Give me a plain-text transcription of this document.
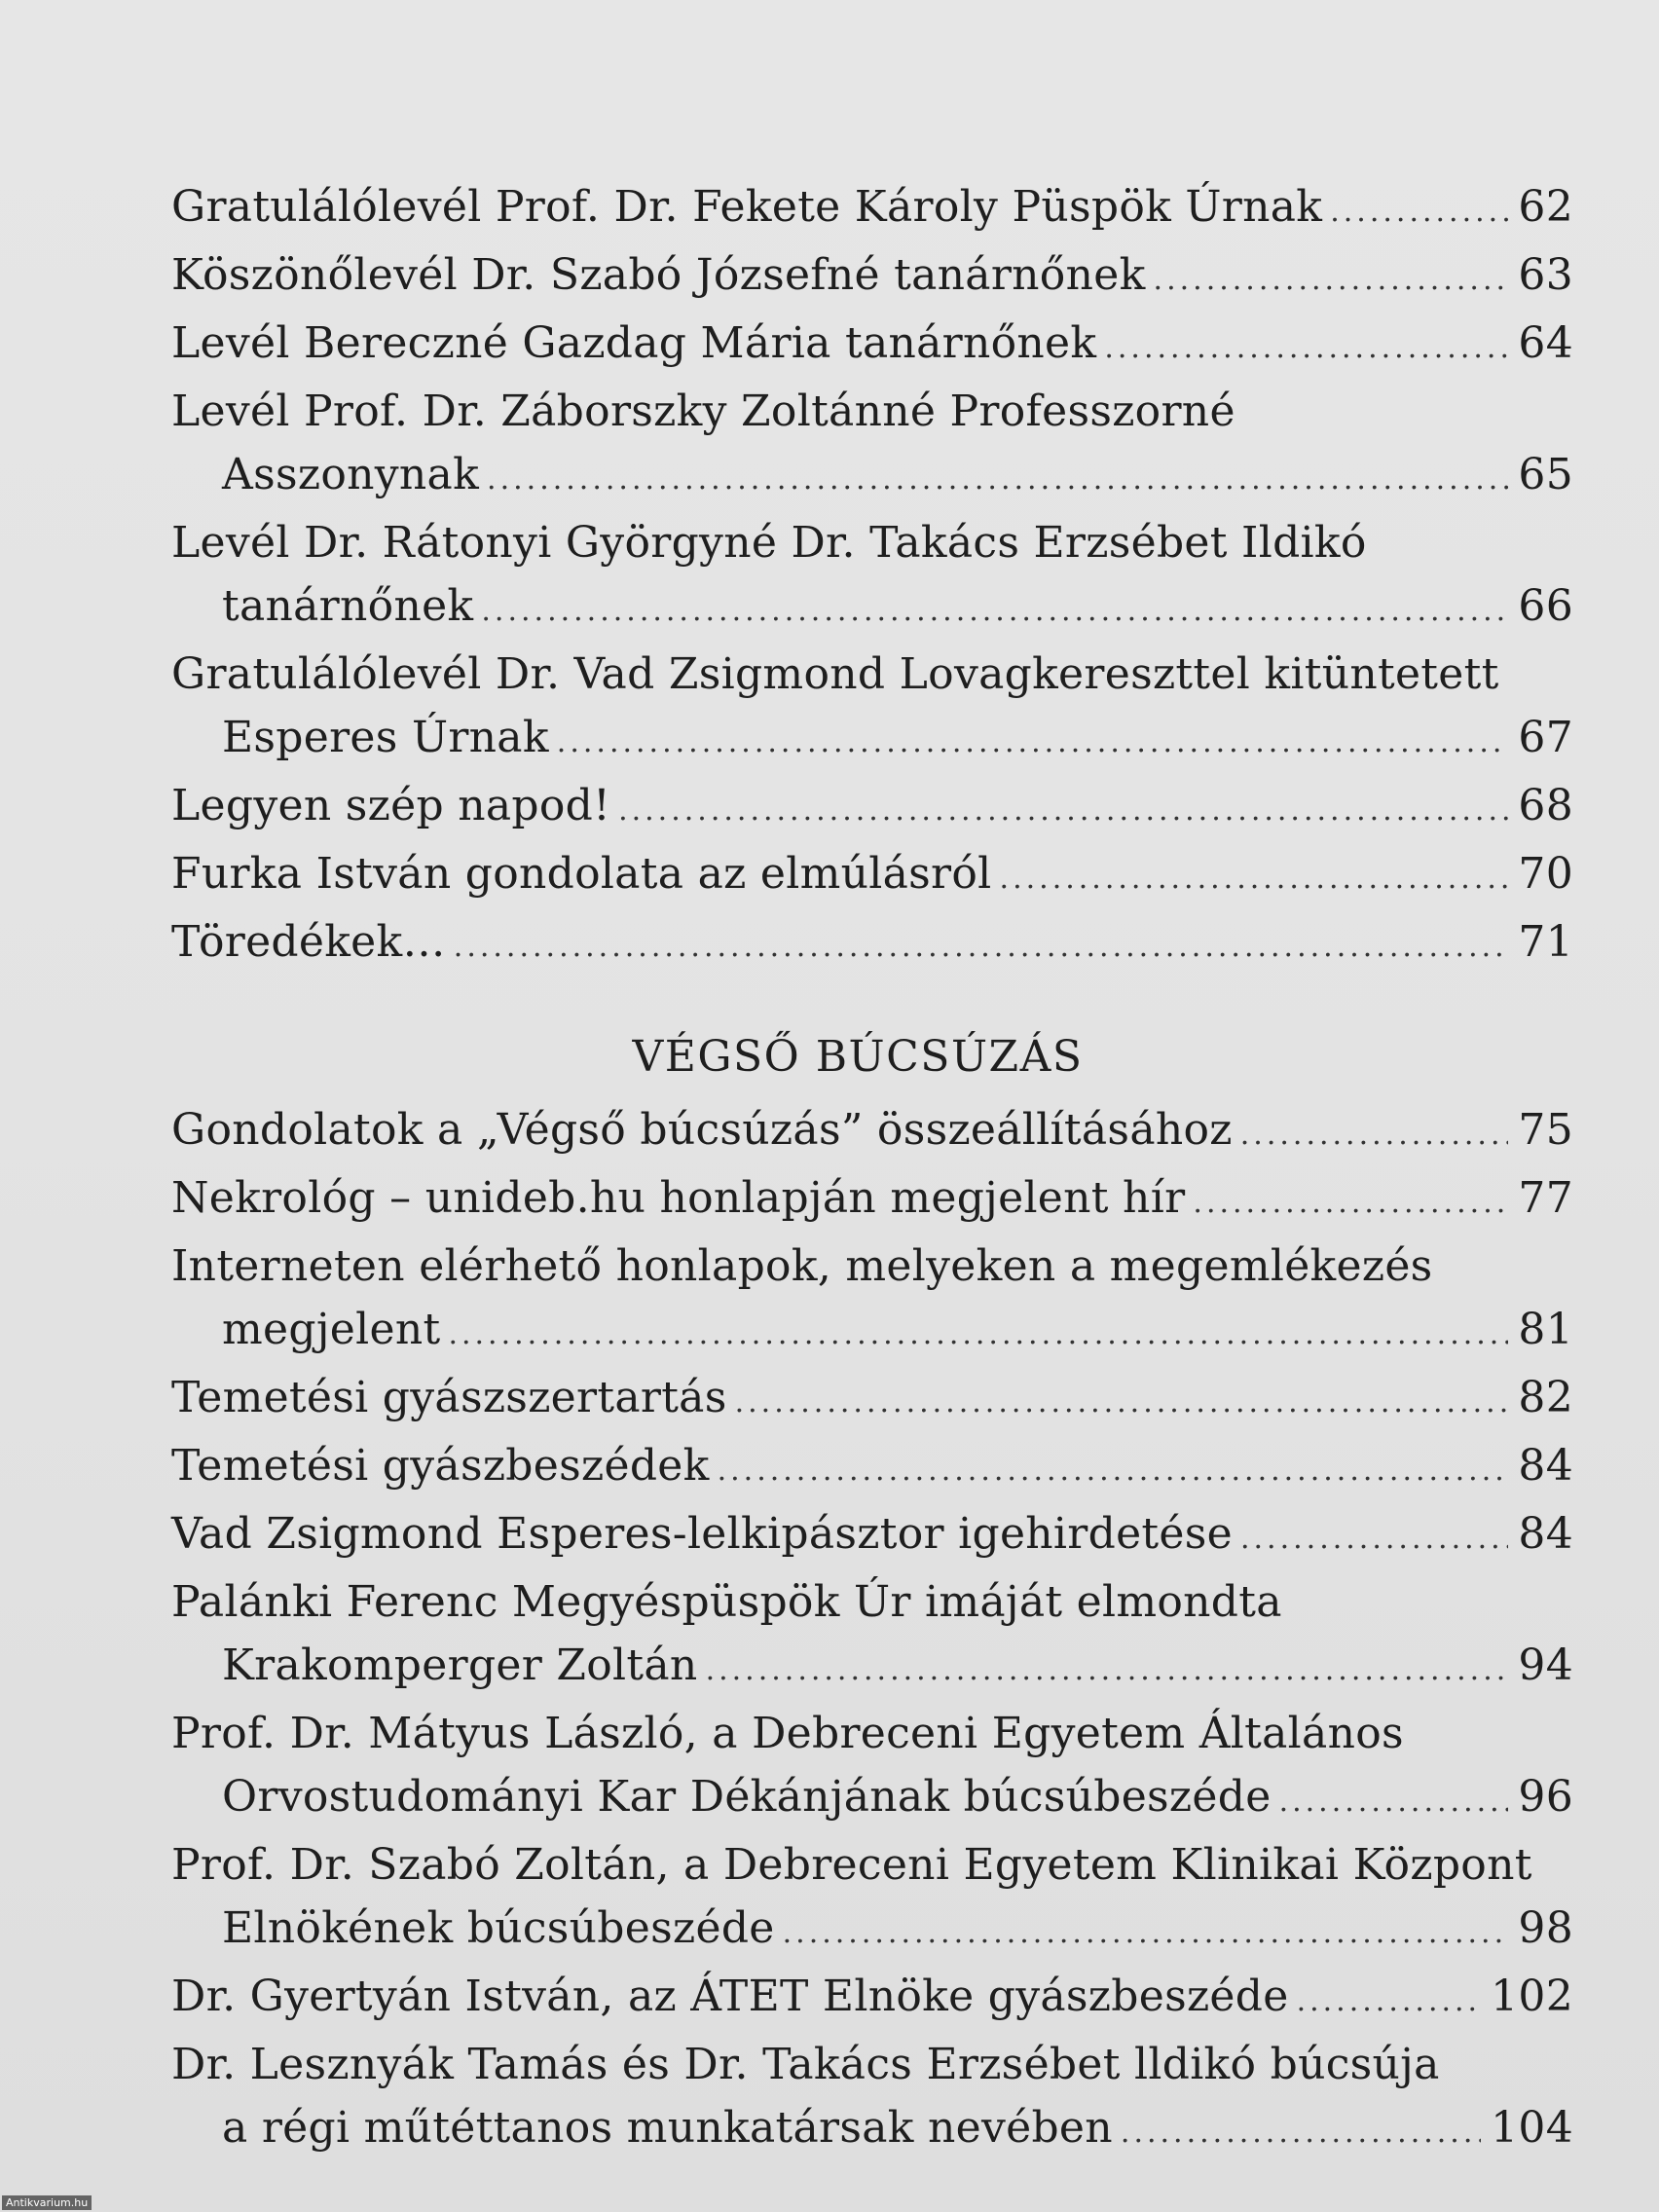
Gratulálólevél Prof. Dr. Fekete Károly Püspök Úrnak .....	62
Köszönőlevél Dr. Szabó Józsefné tanárnőnek .....	63
Levél Bereczné Gazdag Mária tanárnőnek .....	64
Levél Prof. Dr. Záborszky Zoltánné Professzorné
Asszonynak .....	65
Levél Dr. Rátonyi Györgyné Dr. Takács Erzsébet Ildikó
tanárnőnek .....	66
Gratulálólevél Dr. Vad Zsigmond Lovagkereszttel kitüntetett
Esperes Úrnak .....	67
Legyen szép napod! .....	68
Furka István gondolata az elmúlásról .....	70
Töredékek… .....	71
VÉGSŐ BÚCSÚZÁS
Gondolatok a „Végső búcsúzás” összeállításához .....	75
Nekrológ – unideb.hu honlapján megjelent hír .....	77
Interneten elérhető honlapok, melyeken a megemlékezés
megjelent .....	81
Temetési gyászszertartás .....	82
Temetési gyászbeszédek .....	84
Vad Zsigmond Esperes-lelkipásztor igehirdetése .....	84
Palánki Ferenc Megyéspüspök Úr imáját elmondta
Krakomperger Zoltán .....	94
Prof. Dr. Mátyus László, a Debreceni Egyetem Általános
Orvostudományi Kar Dékánjának búcsúbeszéde .....	96
Prof. Dr. Szabó Zoltán, a Debreceni Egyetem Klinikai Központ
Elnökének búcsúbeszéde .....	98
Dr. Gyertyán István, az ÁTET Elnöke gyászbeszéde .....	102
Dr. Lesznyák Tamás és Dr. Takács Erzsébet lldikó búcsúja
a régi műtéttanos munkatársak nevében .....	104
Antikvarium.hu
